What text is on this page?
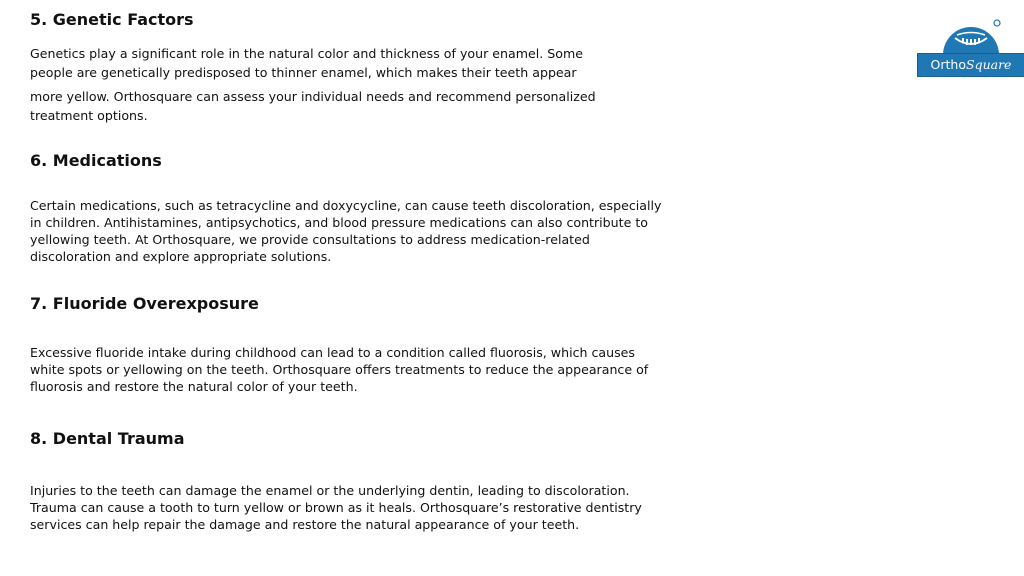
5. Genetic Factors
Genetics play a significant role in the natural color and thickness of your enamel. Some
people are genetically predisposed to thinner enamel, which makes their teeth appear
more yellow. Orthosquare can assess your individual needs and recommend personalized
treatment options.
6. Medications
Certain medications, such as tetracycline and doxycycline, can cause teeth discoloration, especially
in children. Antihistamines, antipsychotics, and blood pressure medications can also contribute to
yellowing teeth. At Orthosquare, we provide consultations to address medication-related
discoloration and explore appropriate solutions.
7. Fluoride Overexposure
Excessive fluoride intake during childhood can lead to a condition called fluorosis, which causes
white spots or yellowing on the teeth. Orthosquare offers treatments to reduce the appearance of
fluorosis and restore the natural color of your teeth.
8. Dental Trauma
Injuries to the teeth can damage the enamel or the underlying dentin, leading to discoloration.
Trauma can cause a tooth to turn yellow or brown as it heals. Orthosquare’s restorative dentistry
services can help repair the damage and restore the natural appearance of your teeth.
OrthoSquare
